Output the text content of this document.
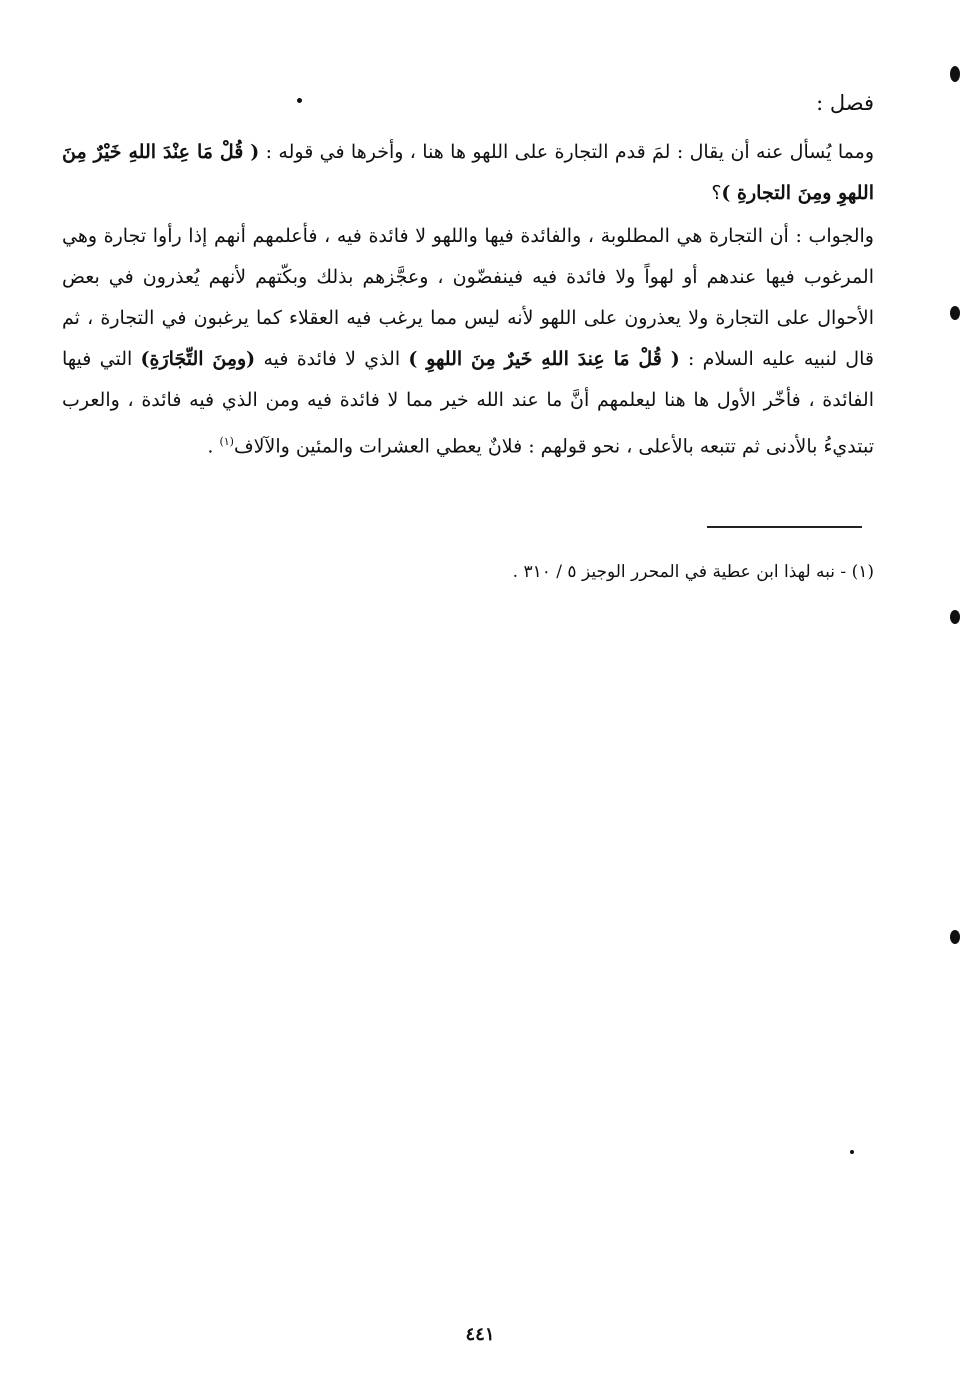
فصل :
ومما يُسأل عنه أن يقال : لمَ قدم التجارة على اللهو ها هنا ، وأخرها في قوله : ( قُلْ مَا عِنْدَ اللهِ خَيْرٌ مِنَ اللهوِ ومِنَ التجارةِ )؟
والجواب : أن التجارة هي المطلوبة ، والفائدة فيها واللهو لا فائدة فيه ، فأعلمهم أنهم إذا رأوا تجارة وهي المرغوب فيها عندهم أو لهواً ولا فائدة فيه فينفضّون ، وعجَّزهم بذلك وبكّتهم لأنهم يُعذرون في بعض الأحوال على التجارة ولا يعذرون على اللهو لأنه ليس مما يرغب فيه العقلاء كما يرغبون في التجارة ، ثم قال لنبيه عليه السلام : ( قُلْ مَا عِندَ اللهِ خَيرٌ مِنَ اللهوِ ) الذي لا فائدة فيه (ومِنَ التِّجَارَةِ) التي فيها الفائدة ، فأخّر الأول ها هنا ليعلمهم أنَّ ما عند الله خير مما لا فائدة فيه ومن الذي فيه فائدة ، والعرب تبتديءُ بالأدنى ثم تتبعه بالأعلى ، نحو قولهم : فلانٌ يعطي العشرات والمئين والآلاف$^{(١)}$ .
(١) - نبه لهذا ابن عطية في المحرر الوجيز ٥ / ٣١٠ .
٤٤١
